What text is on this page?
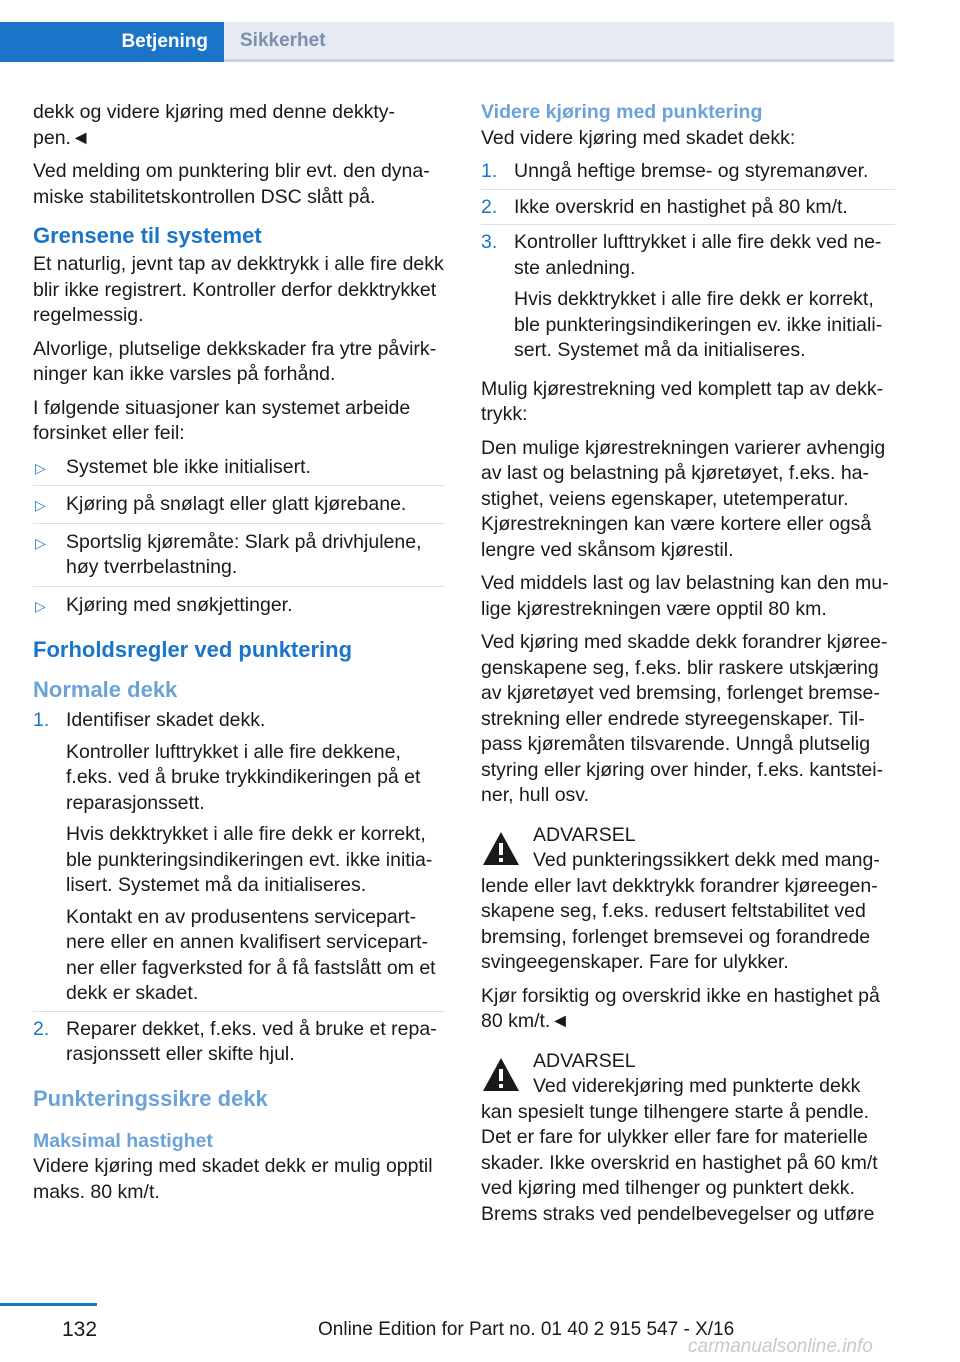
Betjening	Sikkerhet

dekk og videre kjøring med denne dekktypen.◄

Ved melding om punktering blir evt. den dynamiske stabilitetskontrollen DSC slått på.

Grensene til systemet

Et naturlig, jevnt tap av dekktrykk i alle fire dekk blir ikke registrert. Kontroller derfor dekktrykket regelmessig.

Alvorlige, plutselige dekkskader fra ytre påvirkninger kan ikke varsles på forhånd.

I følgende situasjoner kan systemet arbeide forsinket eller feil:

▷ Systemet ble ikke initialisert.
▷ Kjøring på snølagt eller glatt kjørebane.
▷ Sportslig kjøremåte: Slark på drivhjulene, høy tverrbelastning.
▷ Kjøring med snøkjettinger.
Forholdsregler ved punktering
Normale dekk
1. Identifiser skadet dekk.
Kontroller lufttrykket i alle fire dekkene, f.eks. ved å bruke trykkindikeringen på et reparasjonssett.
Hvis dekktrykket i alle fire dekk er korrekt, ble punkteringsindikeringen evt. ikke initialisert. Systemet må da initialiseres.
Kontakt en av produsentens servicepartnere eller en annen kvalifisert servicepartner eller fagverksted for å få fastslått om et dekk er skadet.
2. Reparer dekket, f.eks. ved å bruke et reparasjonssett eller skifte hjul.
Punkteringssikre dekk
Maksimal hastighet

Videre kjøring med skadet dekk er mulig opptil maks. 80 km/t.

Videre kjøring med punktering

Ved videre kjøring med skadet dekk:

1. Unngå heftige bremse- og styremanøver.
2. Ikke overskrid en hastighet på 80 km/t.
3. Kontroller lufttrykket i alle fire dekk ved neste anledning.
Hvis dekktrykket i alle fire dekk er korrekt, ble punkteringsindikeringen ev. ikke initialisert. Systemet må da initialiseres.

Mulig kjørestrekning ved komplett tap av dekktrykk:

Den mulige kjørestrekningen varierer avhengig av last og belastning på kjøretøyet, f.eks. hastighet, veiens egenskaper, utetemperatur. Kjørestrekningen kan være kortere eller også lengre ved skånsom kjørestil.

Ved middels last og lav belastning kan den mulige kjørestrekningen være opptil 80 km.

Ved kjøring med skadde dekk forandrer kjøreegenskapene seg, f.eks. blir raskere utskjæring av kjøretøyet ved bremsing, forlenget bremsestrekning eller endrede styreegenskaper. Tilpass kjøremåten tilsvarende. Unngå plutselig styring eller kjøring over hinder, f.eks. kantsteiner, hull osv.

ADVARSEL
Ved punkteringssikkert dekk med manglende eller lavt dekktrykk forandrer kjøreegenskapene seg, f.eks. redusert feltstabilitet ved bremsing, forlenget bremsevei og forandrede svingeegenskaper. Fare for ulykker.

Kjør forsiktig og overskrid ikke en hastighet på 80 km/t.◄

ADVARSEL
Ved viderekjøring med punkterte dekk kan spesielt tunge tilhengere starte å pendle. Det er fare for ulykker eller fare for materielle skader. Ikke overskrid en hastighet på 60 km/t ved kjøring med tilhenger og punktert dekk. Brems straks ved pendelbevegelser og utføre
132	Online Edition for Part no. 01 40 2 915 547 - X/16
carmanualsonline.info
